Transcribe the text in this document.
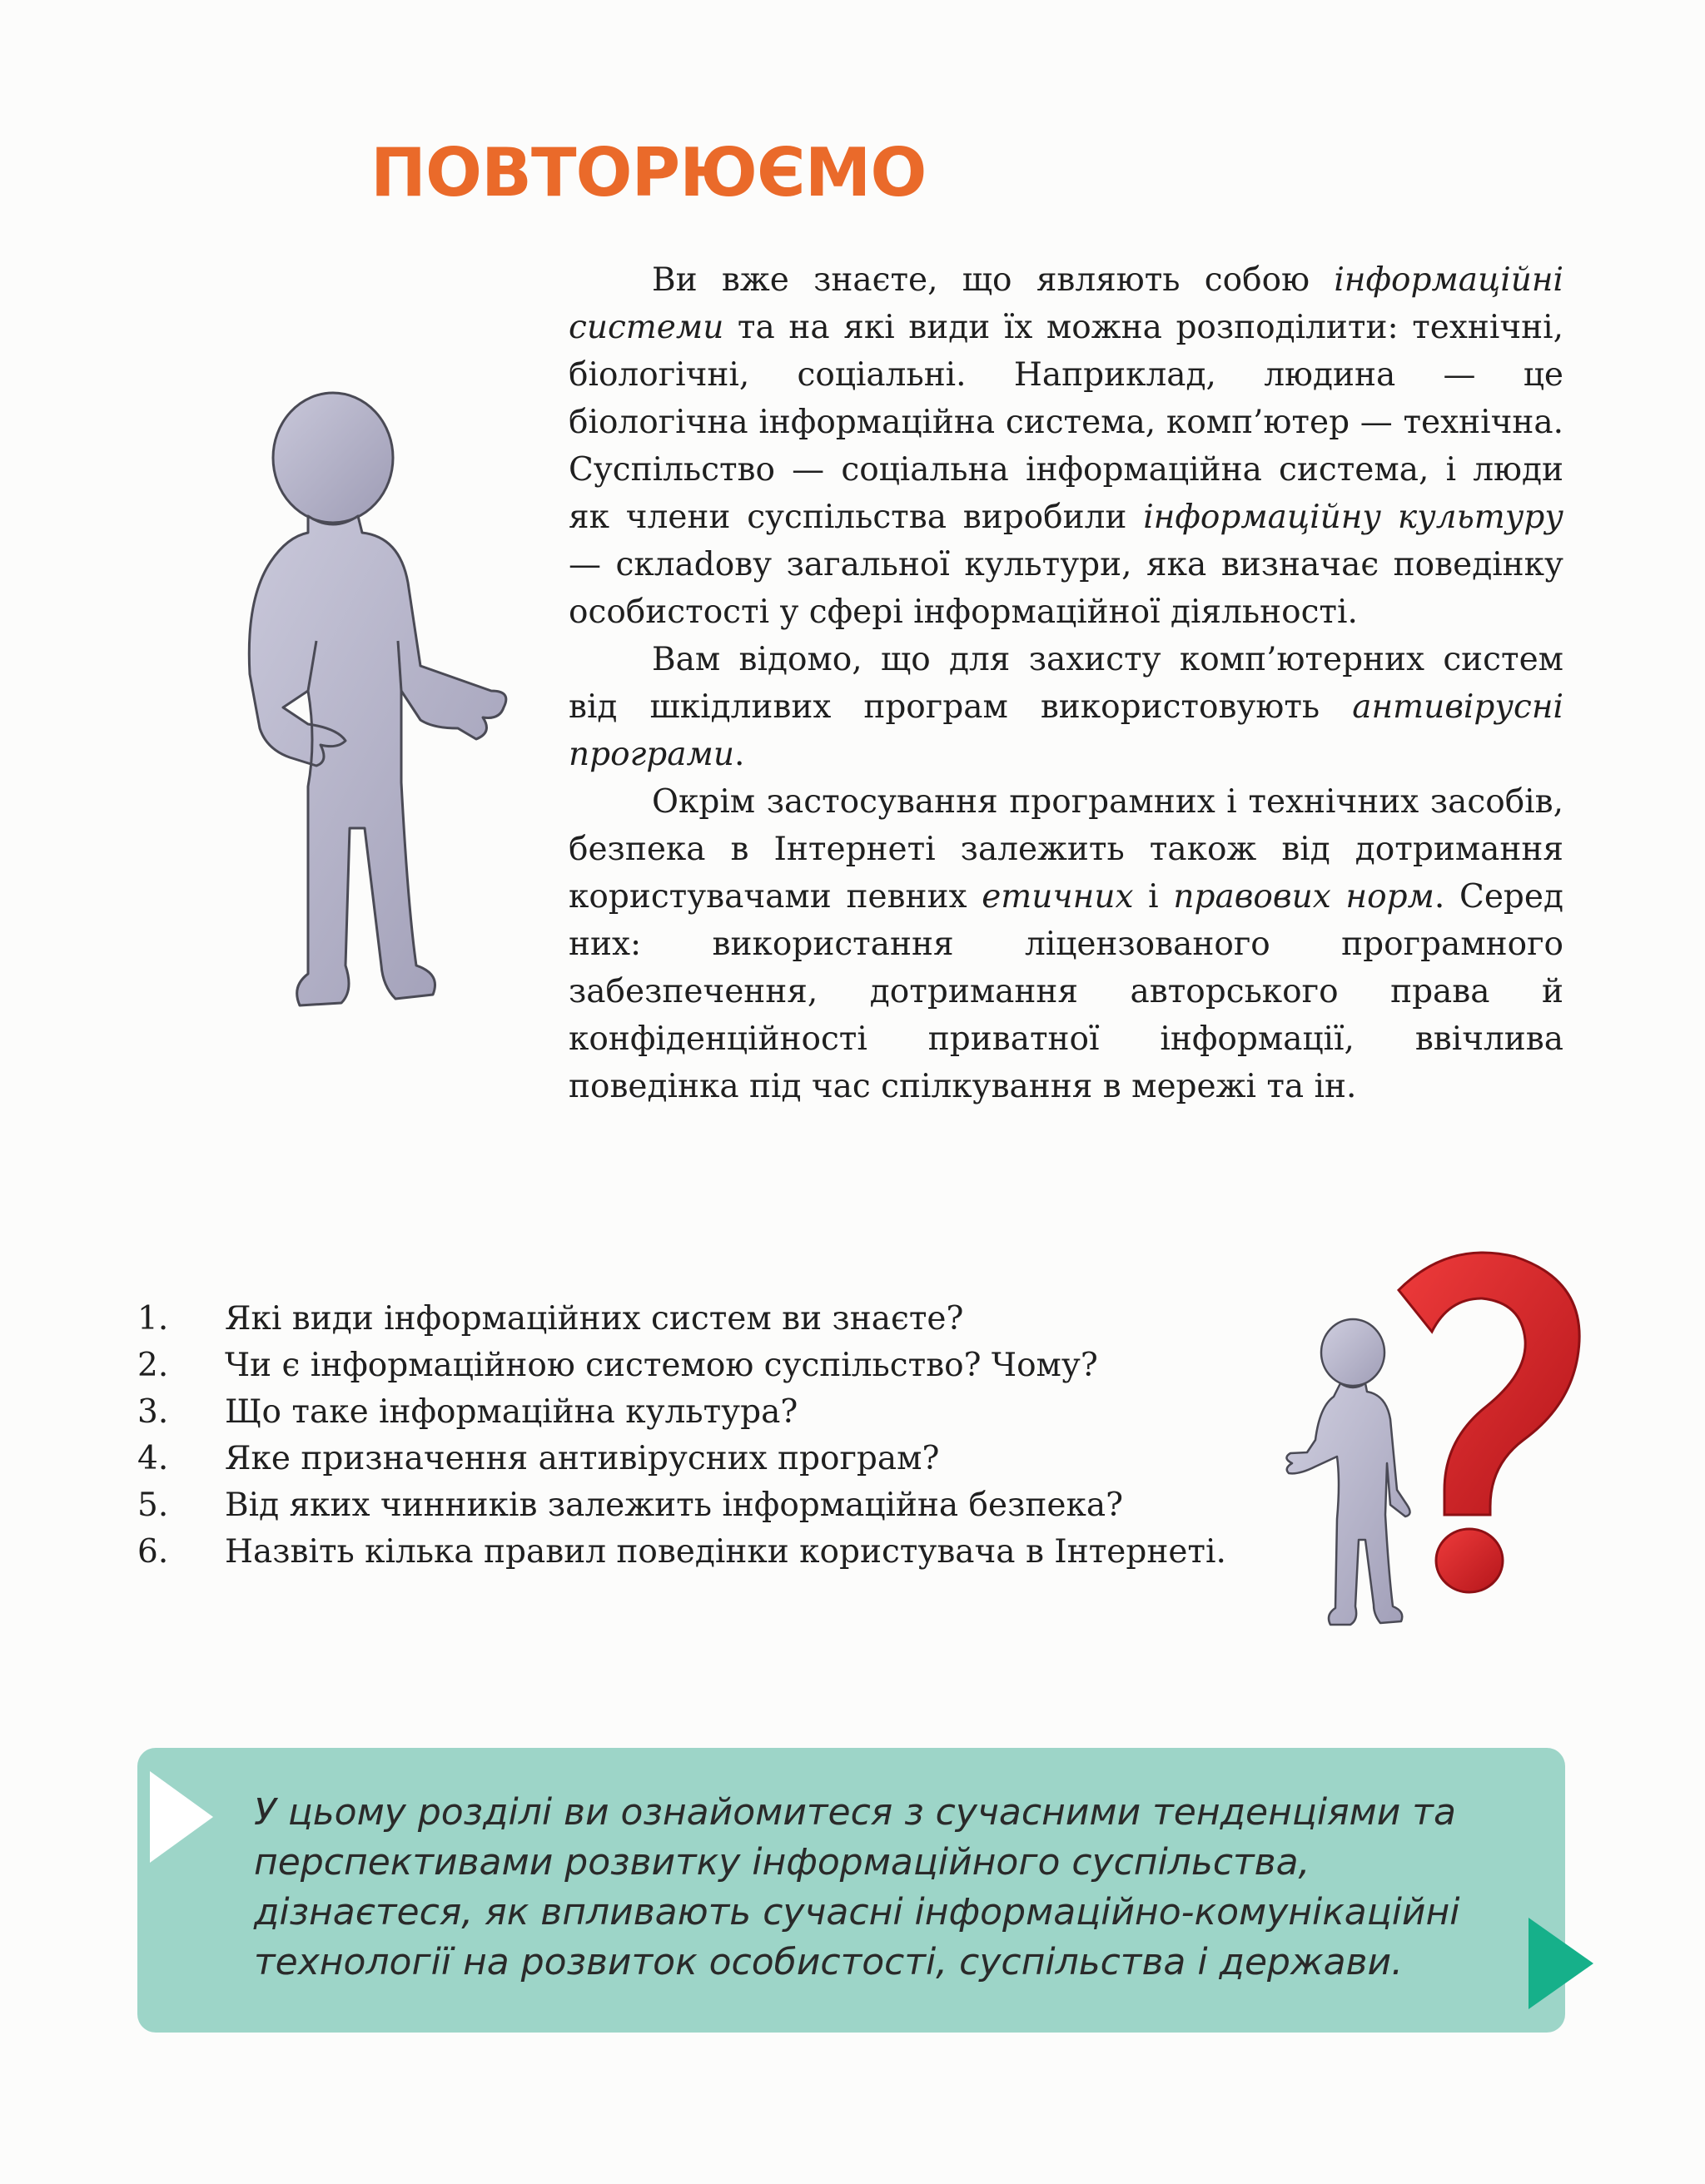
ПОВТОРЮЄМО

Ви вже знаєте, що являють собою інформаційні системи та на які види їх можна розподілити: технічні, біологічні, соціальні. Наприклад, людина — це біологічна інформаційна система, комп’ютер — технічна. Суспільство — соціальна інформаційна система, і люди як члени суспільства виробили інформаційну культуру — склаdову загальної культури, яка визначає поведінку особистості у сфері інформаційної діяльності.

Вам відомо, що для захисту комп’ютерних систем від шкідливих програм використовують антивірусні програми.

Окрім застосування програмних і технічних засобів, безпека в Інтернеті залежить також від дотримання користувачами певних етичних і правових норм. Серед них: використання ліцензованого програмного забезпечення, дотримання авторського права й конфіденційності приватної інформації, ввічлива поведінка під час спілкування в мережі та ін.

1. Які види інформаційних систем ви знаєте?
2. Чи є інформаційною системою суспільство? Чому?
3. Що таке інформаційна культура?
4. Яке призначення антивірусних програм?
5. Від яких чинників залежить інформаційна безпека?
6. Назвіть кілька правил поведінки користувача в Інтернеті.
У цьому розділі ви ознайомитеся з сучасними тенденціями та перспективами розвитку інформаційного суспільства, дізнаєтеся, як впливають сучасні інформаційно-комунікаційні технології на розвиток особистості, суспільства і держави.
